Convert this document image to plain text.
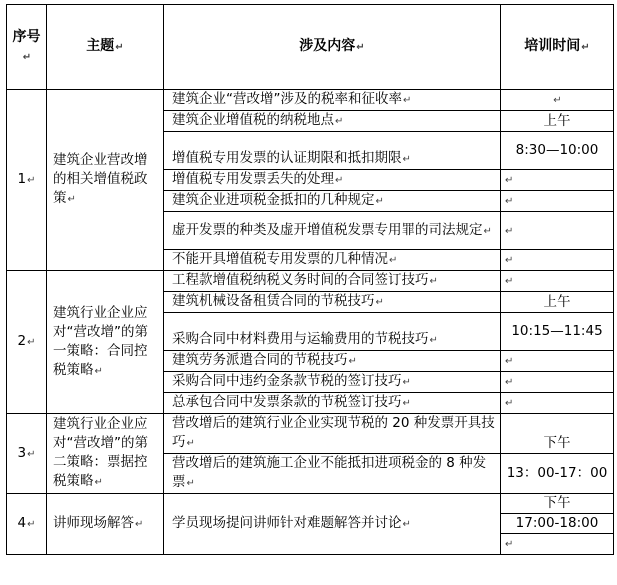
序号↵	主题↵	涉及内容↵	培训时间↵
1↵	建筑企业营改增的相关增值税政策↵	建筑企业“营改增”涉及的税率和征收率↵	↵
		建筑企业增值税的纳税地点↵	上午
		增值税专用发票的认证期限和抵扣期限↵	8:30—10:00
		增值税专用发票丢失的处理↵	↵
		建筑企业进项税金抵扣的几种规定↵	↵
		虚开发票的种类及虚开增值税发票专用罪的司法规定↵	↵
		不能开具增值税专用发票的几种情况↵	↵

2↵	建筑行业企业应对“营改增”的第一策略：合同控税策略↵	工程款增值税纳税义务时间的合同签订技巧↵	↵
		建筑机械设备租赁合同的节税技巧↵	上午
		采购合同中材料费用与运输费用的节税技巧↵	10:15—11:45
		建筑劳务派遣合同的节税技巧↵	↵
		采购合同中违约金条款节税的签订技巧↵	↵
		总承包合同中发票条款的节税签订技巧↵	↵
3↵	建筑行业企业应对“营改增”的第二策略：票据控税策略↵	营改增后的建筑行业企业实现节税的 20 种发票开具技巧↵	下午
		营改增后的建筑施工企业不能抵扣进项税金的 8 种发票↵	13：00-17：00
4↵	讲师现场解答↵	学员现场提问讲师针对难题解答并讨论↵	下午
			17:00-18:00
			↵
